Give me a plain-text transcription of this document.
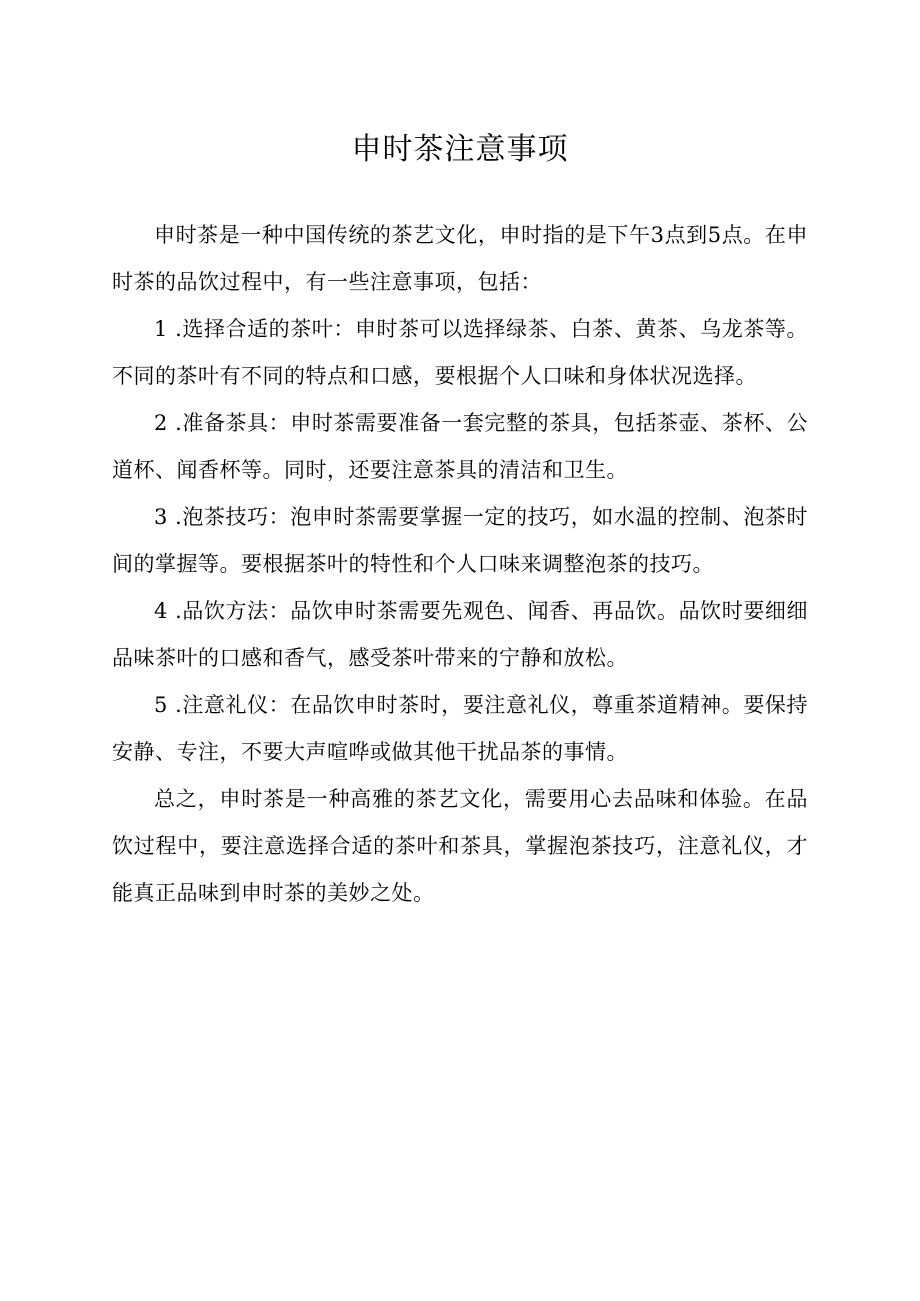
申时茶注意事项

申时茶是一种中国传统的茶艺文化，申时指的是下午3点到5点。在申时茶的品饮过程中，有一些注意事项，包括：

1 .选择合适的茶叶：申时茶可以选择绿茶、白茶、黄茶、乌龙茶等。不同的茶叶有不同的特点和口感，要根据个人口味和身体状况选择。

2 .准备茶具：申时茶需要准备一套完整的茶具，包括茶壶、茶杯、公道杯、闻香杯等。同时，还要注意茶具的清洁和卫生。

3 .泡茶技巧：泡申时茶需要掌握一定的技巧，如水温的控制、泡茶时间的掌握等。要根据茶叶的特性和个人口味来调整泡茶的技巧。

4 .品饮方法：品饮申时茶需要先观色、闻香、再品饮。品饮时要细细品味茶叶的口感和香气，感受茶叶带来的宁静和放松。

5 .注意礼仪：在品饮申时茶时，要注意礼仪，尊重茶道精神。要保持安静、专注，不要大声喧哗或做其他干扰品茶的事情。

总之，申时茶是一种高雅的茶艺文化，需要用心去品味和体验。在品饮过程中，要注意选择合适的茶叶和茶具，掌握泡茶技巧，注意礼仪，才能真正品味到申时茶的美妙之处。
